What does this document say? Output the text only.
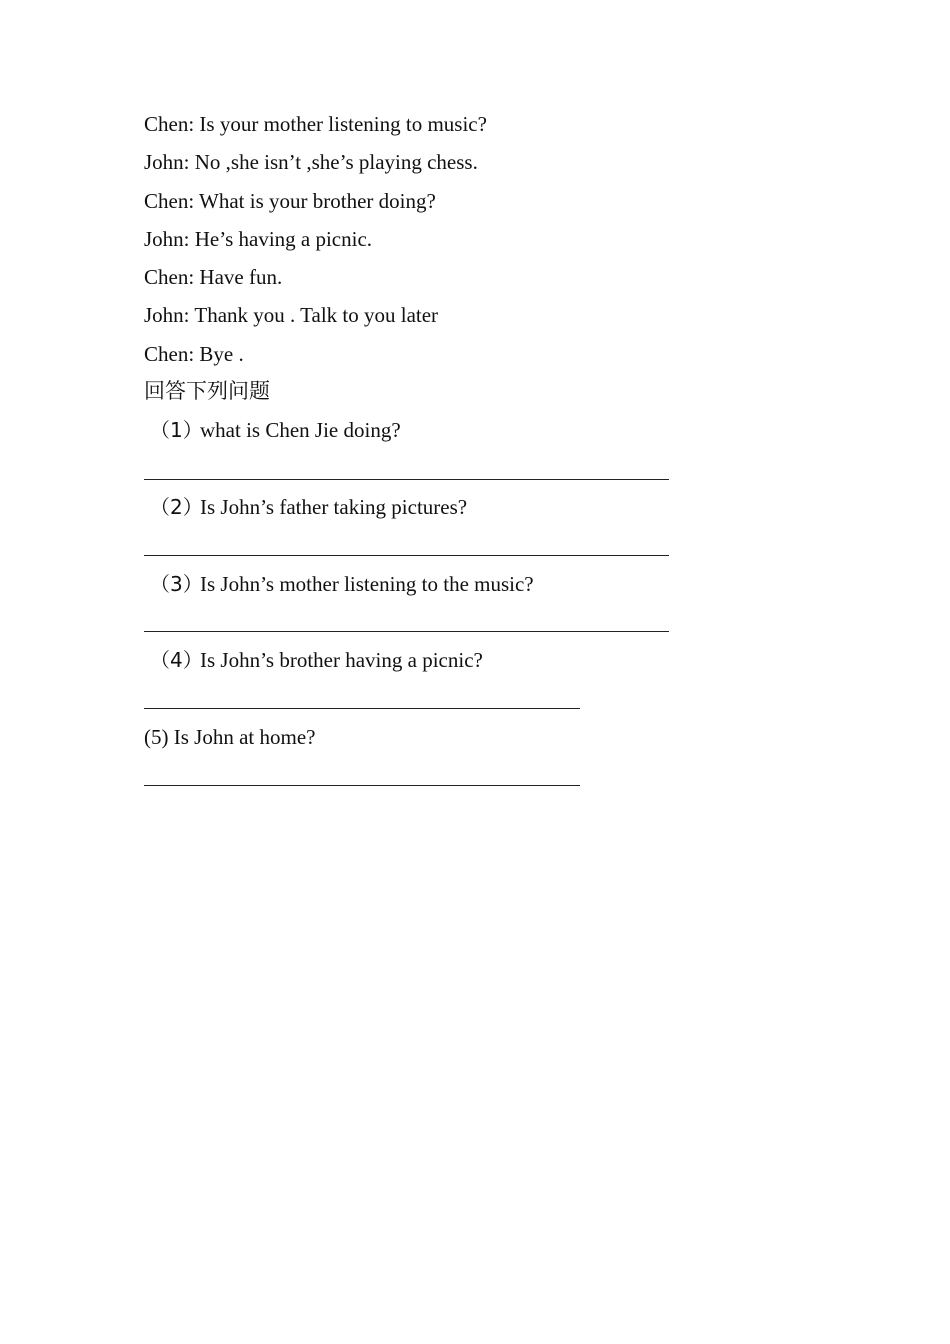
Chen: Is your mother listening to music?
John: No ,she isn’t ,she’s playing chess.
Chen: What is your brother doing?
John: He’s having a picnic.
Chen: Have fun.
John: Thank you . Talk to you later
Chen: Bye .
回答下列问题
（1）what is Chen Jie doing?
（2）Is John’s father taking pictures?
（3）Is John’s mother listening to the music?
（4）Is John’s brother having a picnic?
(5) Is John at home?
